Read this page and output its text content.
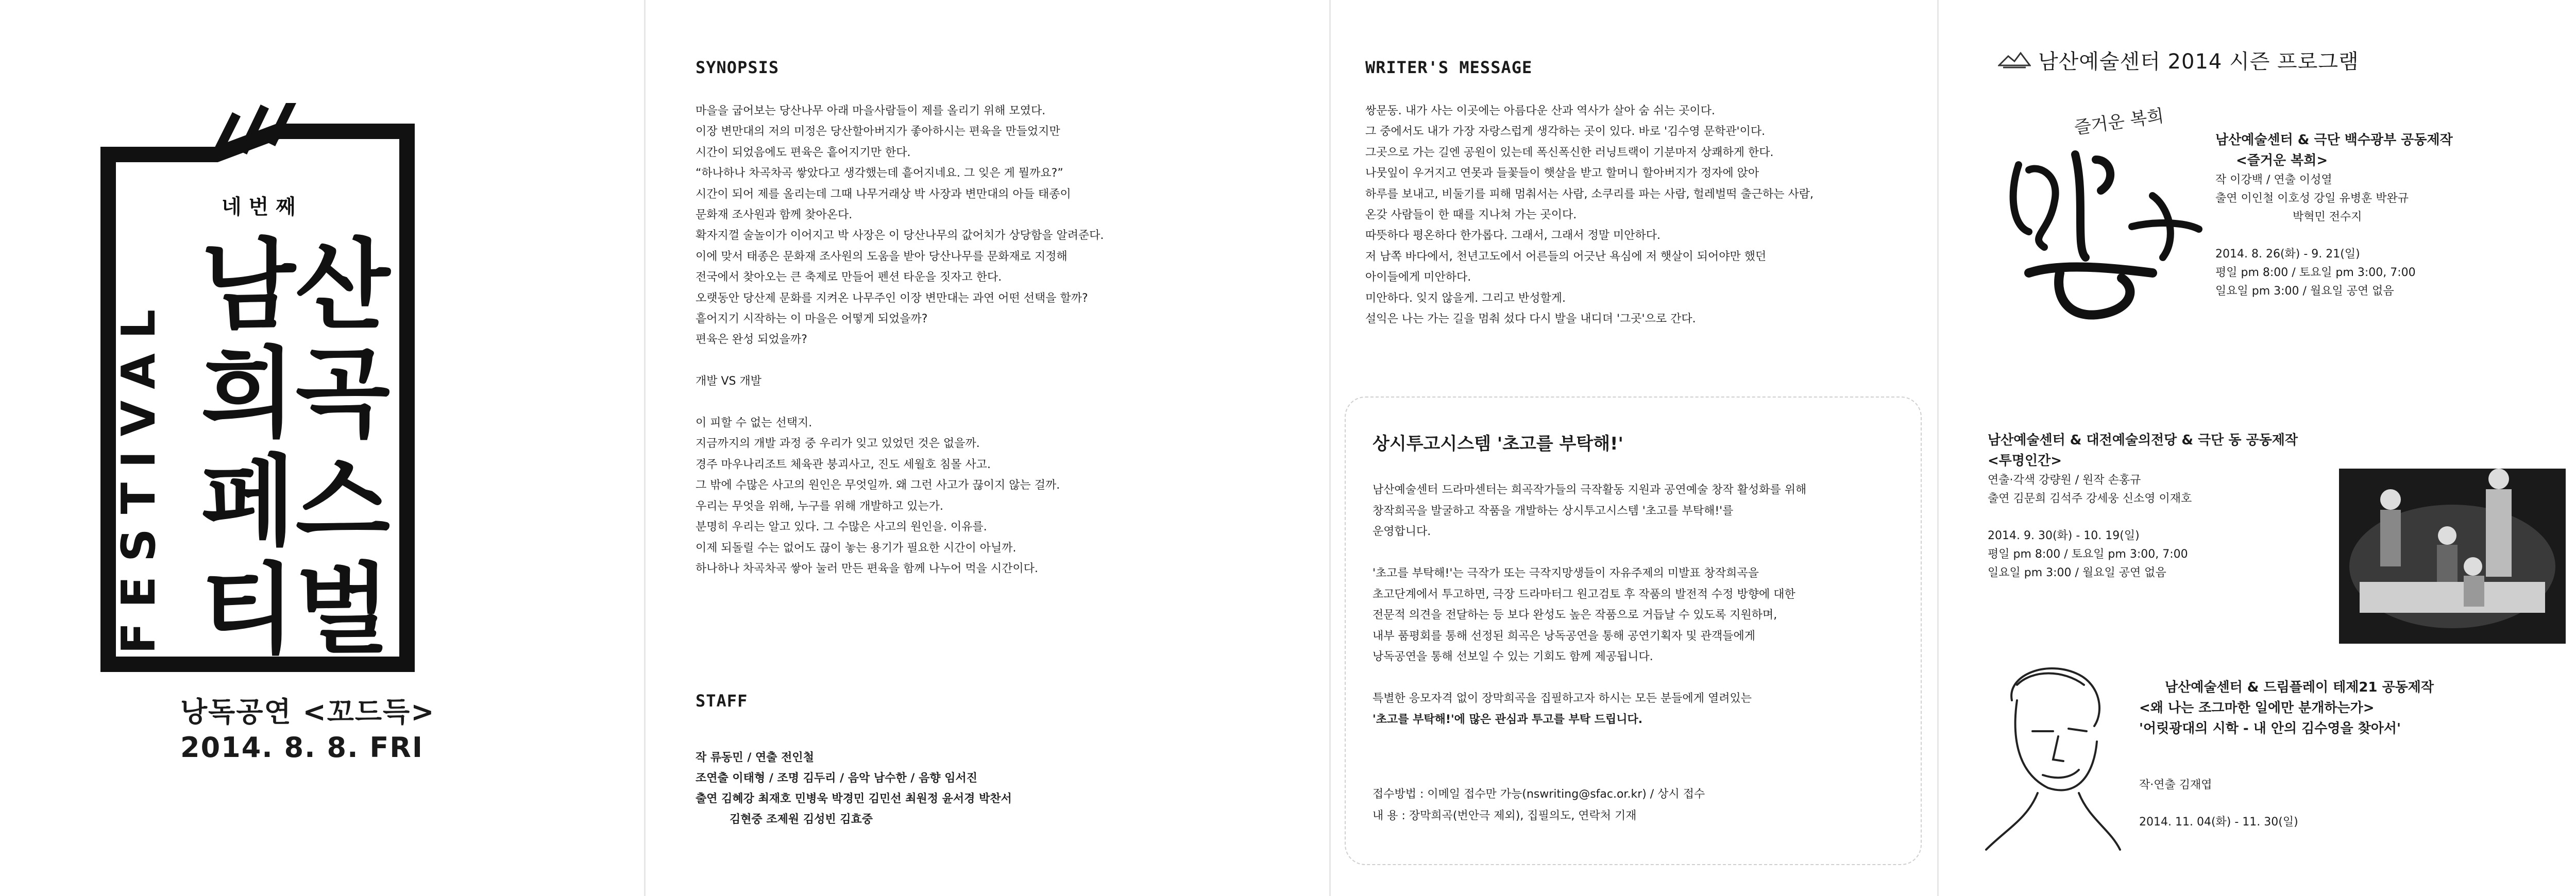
FESTIVAL
네 번 째
남산
희곡
페스
티벌
낭독공연 <꼬드득>
2014. 8. 8. FRI
SYNOPSIS

마을을 굽어보는 당산나무 아래 마을사람들이 제를 올리기 위해 모였다.

이장 변만대의 저의 미정은 당산할아버지가 좋아하시는 편육을 만들었지만

시간이 되었음에도 편육은 흩어지기만 한다.

“하나하나 차곡차곡 쌓았다고 생각했는데 흩어지네요. 그 잊은 게 뭘까요?”

시간이 되어 제를 올리는데 그때 나무거래상 박 사장과 변만대의 아들 태종이

문화재 조사원과 함께 찾아온다.

확자지껄 술놀이가 이어지고 박 사장은 이 당산나무의 값어치가 상당함을 알려준다.

이에 맞서 태종은 문화재 조사원의 도움을 받아 당산나무를 문화재로 지정해

전국에서 찾아오는 큰 축제로 만들어 펜션 타운을 짓자고 한다.

오랫동안 당산제 문화를 지켜온 나무주인 이장 변만대는 과연 어떤 선택을 할까?

흩어지기 시작하는 이 마을은 어떻게 되었을까?

편육은 완성 되었을까?

개발 VS 개발

이 피할 수 없는 선택지.

지금까지의 개발 과정 중 우리가 잊고 있었던 것은 없을까.

경주 마우나리조트 체육관 붕괴사고, 진도 세월호 침몰 사고.

그 밖에 수많은 사고의 원인은 무엇일까. 왜 그런 사고가 끊이지 않는 걸까.

우리는 무엇을 위해, 누구를 위해 개발하고 있는가.

분명히 우리는 알고 있다. 그 수많은 사고의 원인을. 이유를.

이제 되돌릴 수는 없어도 끊이 놓는 용기가 필요한 시간이 아닐까.

하나하나 차곡차곡 쌓아 눌러 만든 편육을 함께 나누어 먹을 시간이다.

STAFF

작 류동민 / 연출 전인철

조연출 이태형 / 조명 김두리 / 음악 남수한 / 음향 임서진

출연 김혜강 최재호 민병욱 박경민 김민선 최원정 윤서경 박찬서

김현중 조제원 김성빈 김효중

WRITER'S MESSAGE

쌍문동. 내가 사는 이곳에는 아름다운 산과 역사가 살아 숨 쉬는 곳이다.

그 중에서도 내가 가장 자랑스럽게 생각하는 곳이 있다. 바로 '김수영 문학관'이다.

그곳으로 가는 길엔 공원이 있는데 폭신폭신한 러닝트랙이 기분마저 상쾌하게 한다.

나뭇잎이 우거지고 연못과 들꽃들이 햇살을 받고 할머니 할아버지가 정자에 앉아

하루를 보내고, 비둘기를 피해 멈춰서는 사람, 소쿠리를 파는 사람, 헐레벌떡 출근하는 사람,

온갖 사람들이 한 때를 지나쳐 가는 곳이다.

따뜻하다 평온하다 한가롭다. 그래서, 그래서 정말 미안하다.

저 남쪽 바다에서, 천년고도에서 어른들의 어긋난 욕심에 저 햇살이 되어야만 했던

아이들에게 미안하다.

미안하다. 잊지 않을게. 그리고 반성할게.

설익은 나는 가는 길을 멈춰 섰다 다시 발을 내디뎌 '그곳'으로 간다.

상시투고시스템 '초고를 부탁해!'

남산예술센터 드라마센터는 희곡작가들의 극작활동 지원과 공연예술 창작 활성화를 위해

창작희곡을 발굴하고 작품을 개발하는 상시투고시스템 '초고를 부탁해!'를

운영합니다.

'초고를 부탁해!'는 극작가 또는 극작지망생들이 자유주제의 미발표 창작희곡을

초고단계에서 투고하면, 극장 드라마터그 원고검토 후 작품의 발전적 수정 방향에 대한

전문적 의견을 전달하는 등 보다 완성도 높은 작품으로 거듭날 수 있도록 지원하며,

내부 품평회를 통해 선정된 희곡은 낭독공연을 통해 공연기획자 및 관객들에게

낭독공연을 통해 선보일 수 있는 기회도 함께 제공됩니다.

특별한 응모자격 없이 장막희곡을 집필하고자 하시는 모든 분들에게 열려있는

'초고를 부탁해!'에 많은 관심과 투고를 부탁 드립니다.

접수방법 : 이메일 접수만 가능(nswriting@sfac.or.kr) / 상시 접수

내 용 : 장막희곡(번안극 제외), 집필의도, 연락처 기재

남산예술센터 2014 시즌 프로그램
즐거운 복희

남산예술센터 & 극단 백수광부 공동제작

<즐거운 복희>

작 이강백 / 연출 이성열

출연 이인철 이호성 강일 유병훈 박완규

박혁민 전수지

2014. 8. 26(화) - 9. 21(일)

평일 pm 8:00 / 토요일 pm 3:00, 7:00

일요일 pm 3:00 / 월요일 공연 없음

남산예술센터 & 대전예술의전당 & 극단 동 공동제작

<투명인간>

연출·각색 강량원 / 원작 손홍규

출연 김문희 김석주 강세웅 신소영 이재호

2014. 9. 30(화) - 10. 19(일)

평일 pm 8:00 / 토요일 pm 3:00, 7:00

일요일 pm 3:00 / 월요일 공연 없음

남산예술센터 & 드림플레이 테제21 공동제작

<왜 나는 조그마한 일에만 분개하는가>

'어릿광대의 시학 - 내 안의 김수영을 찾아서'

작·연출 김재엽

2014. 11. 04(화) - 11. 30(일)
